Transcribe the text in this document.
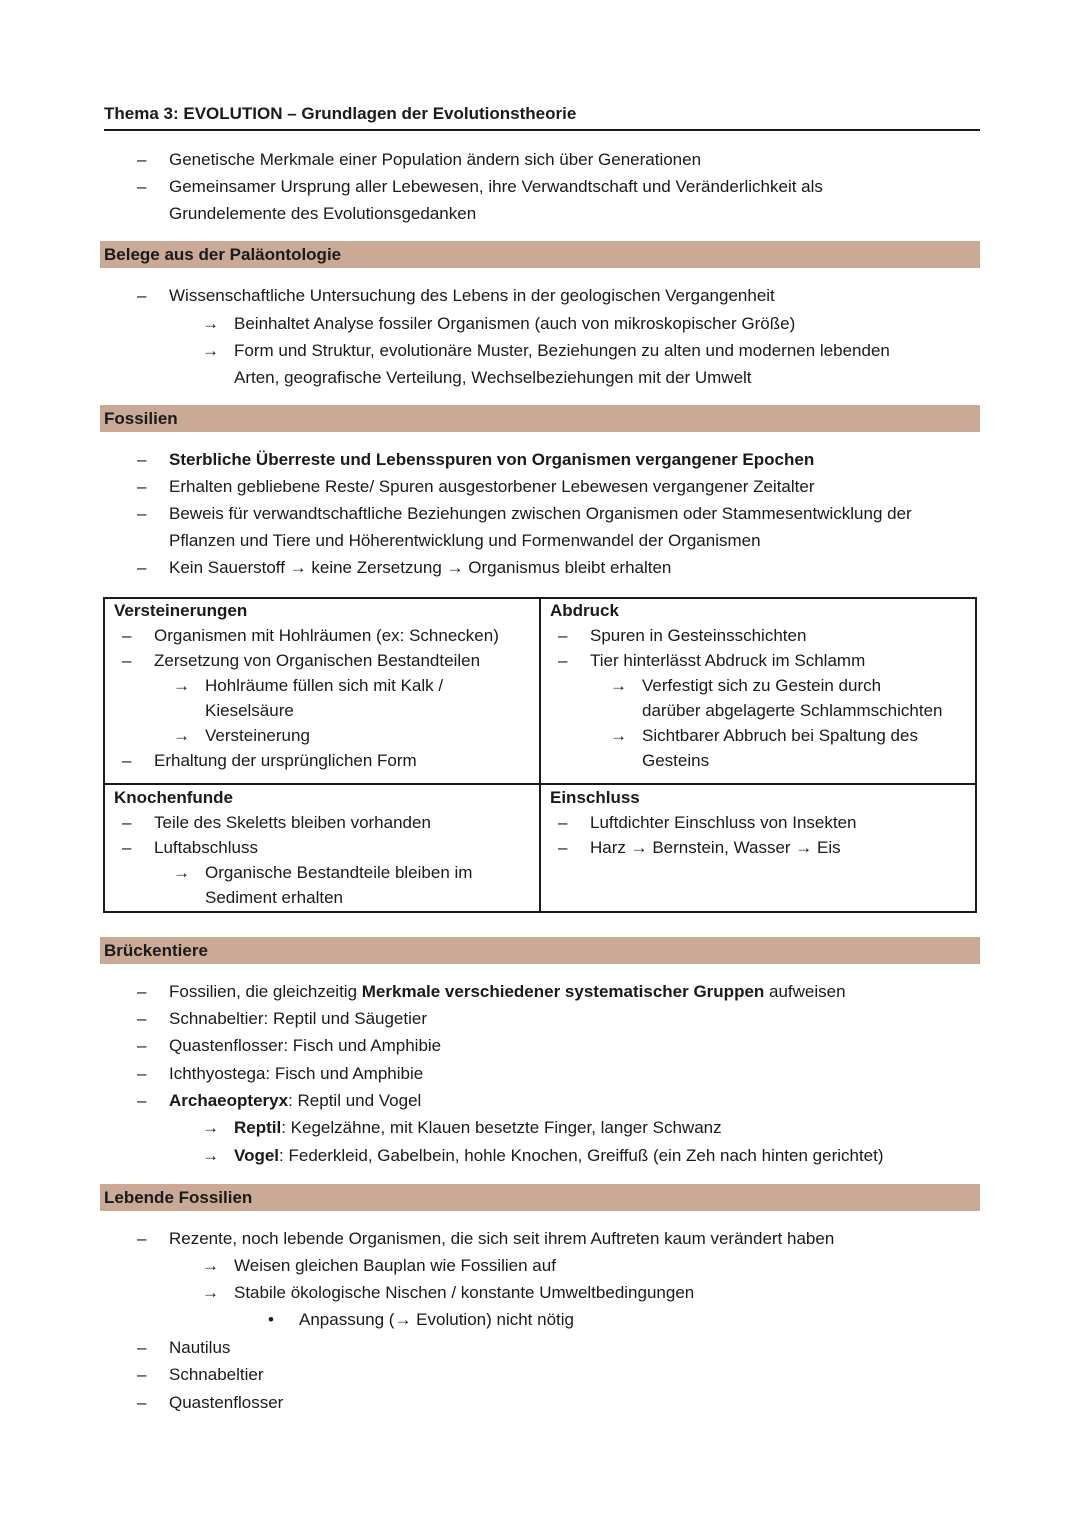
Thema 3: EVOLUTION – Grundlagen der Evolutionstheorie
– Genetische Merkmale einer Population ändern sich über Generationen
– Gemeinsamer Ursprung aller Lebewesen, ihre Verwandtschaft und Veränderlichkeit als
Grundelemente des Evolutionsgedanken
Belege aus der Paläontologie
– Wissenschaftliche Untersuchung des Lebens in der geologischen Vergangenheit
→ Beinhaltet Analyse fossiler Organismen (auch von mikroskopischer Größe)
→ Form und Struktur, evolutionäre Muster, Beziehungen zu alten und modernen lebenden
Arten, geografische Verteilung, Wechselbeziehungen mit der Umwelt
Fossilien
– Sterbliche Überreste und Lebensspuren von Organismen vergangener Epochen
– Erhalten gebliebene Reste/ Spuren ausgestorbener Lebewesen vergangener Zeitalter
– Beweis für verwandtschaftliche Beziehungen zwischen Organismen oder Stammesentwicklung der
Pflanzen und Tiere und Höherentwicklung und Formenwandel der Organismen
– Kein Sauerstoff → keine Zersetzung → Organismus bleibt erhalten
Versteinerungen
– Organismen mit Hohlräumen (ex: Schnecken)
– Zersetzung von Organischen Bestandteilen
→ Hohlräume füllen sich mit Kalk /
Kieselsäure
→ Versteinerung
– Erhaltung der ursprünglichen Form
Abdruck
– Spuren in Gesteinsschichten
– Tier hinterlässt Abdruck im Schlamm
→ Verfestigt sich zu Gestein durch
darüber abgelagerte Schlammschichten
→ Sichtbarer Abbruch bei Spaltung des
Gesteins
Knochenfunde
– Teile des Skeletts bleiben vorhanden
– Luftabschluss
→ Organische Bestandteile bleiben im
Sediment erhalten
Einschluss
– Luftdichter Einschluss von Insekten
– Harz → Bernstein, Wasser → Eis
Brückentiere
– Fossilien, die gleichzeitig Merkmale verschiedener systematischer Gruppen aufweisen
– Schnabeltier: Reptil und Säugetier
– Quastenflosser: Fisch und Amphibie
– Ichthyostega: Fisch und Amphibie
– Archaeopteryx: Reptil und Vogel
→ Reptil: Kegelzähne, mit Klauen besetzte Finger, langer Schwanz
→ Vogel: Federkleid, Gabelbein, hohle Knochen, Greiffuß (ein Zeh nach hinten gerichtet)
Lebende Fossilien
– Rezente, noch lebende Organismen, die sich seit ihrem Auftreten kaum verändert haben
→ Weisen gleichen Bauplan wie Fossilien auf
→ Stabile ökologische Nischen / konstante Umweltbedingungen
• Anpassung (→ Evolution) nicht nötig
– Nautilus
– Schnabeltier
– Quastenflosser
